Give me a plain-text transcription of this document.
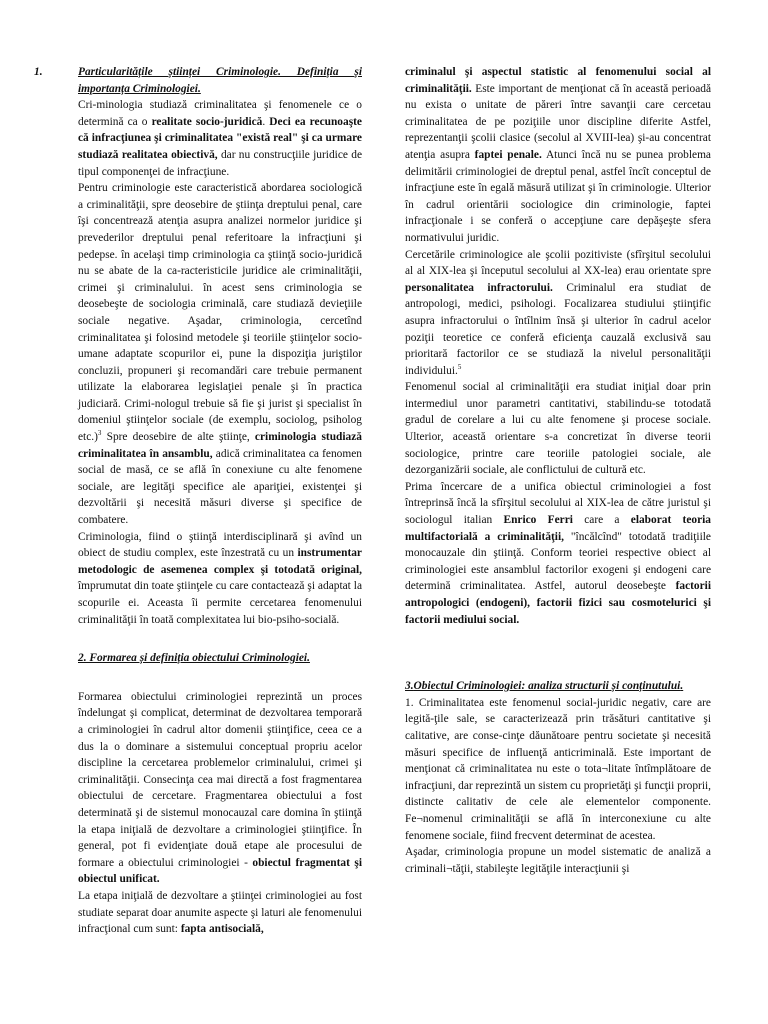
1.	Particularitățile științei Criminologie. Definiția și importanța Criminologiei.

Cri-minologia studiază criminalitatea şi fenomenele ce o determină ca o realitate socio-juridică. Deci ea recunoaşte că infracţiunea şi criminalitatea "există real" şi ca urmare studiază realitatea obiectivă, dar nu construcţiile juridice de tipul componenţei de infracţiune.

Pentru criminologie este caracteristică abordarea sociologică a criminalităţii, spre deosebire de ştiinţa dreptului penal, care îşi concentrează atenţia asupra analizei normelor juridice şi prevederilor dreptului penal referitoare la infracţiuni şi pedepse. în acelaşi timp criminologia ca ştiinţă socio-juridică nu se abate de la ca-racteristicile juridice ale criminalităţii, crimei şi criminalului. în acest sens criminologia se deosebeşte de sociologia criminală, care studiază devieţiile sociale negative. Aşadar, criminologia, cercetînd criminalitatea şi folosind metodele şi teoriile ştiinţelor socio-umane adaptate scopurilor ei, pune la dispoziţia juriştilor concluzii, propuneri şi recomandări care trebuie permanent utilizate la elaborarea legislaţiei penale şi în practica judiciară. Crimi-nologul trebuie să fie şi jurist şi specialist în domeniul ştiinţelor sociale (de exemplu, sociolog, psiholog etc.)$^3$ Spre deosebire de alte ştiinţe, criminologia studiază criminalitatea în ansamblu, adică criminalitatea ca fenomen social de masă, ce se află în conexiune cu alte fenomene sociale, are legităţi specifice ale apariţiei, existenţei şi dezvoltării şi necesită măsuri diverse şi specifice de combatere.

Criminologia, fiind o ştiinţă interdisciplinară şi avînd un obiect de studiu complex, este înzestrată cu un instrumentar metodologic de asemenea complex şi totodată original, împrumutat din toate ştiinţele cu care contactează şi adaptat la scopurile ei. Aceasta îi permite cercetarea fenomenului criminalităţii în toată complexitatea lui bio-psiho-socială.

2. Formarea și definiția obiectului Criminologiei.

Formarea obiectului criminologiei reprezintă un proces îndelungat şi complicat, determinat de dezvoltarea temporară a criminologiei în cadrul altor domenii ştiinţifice, ceea ce a dus la o dominare a sistemului conceptual propriu acelor discipline la cercetarea problemelor criminalului, crimei şi criminalităţii. Consecinţa cea mai directă a fost fragmentarea obiectului de cercetare. Fragmentarea obiectului a fost determinată şi de sistemul monocauzal care domina în ştiinţă la etapa iniţială de dezvoltare a criminologiei ştiinţifice. În general, pot fi evidenţiate două etape ale procesului de formare a obiectului criminologiei - obiectul fragmentat şi obiectul unificat.

La etapa iniţială de dezvoltare a ştiinţei criminologiei au fost studiate separat doar anumite aspecte şi laturi ale fenomenului infracţional cum sunt: fapta antisocială,

criminalul şi aspectul statistic al fenomenului social al criminalităţii. Este important de menţionat că în această perioadă nu exista o unitate de păreri între savanţii care cercetau criminalitatea de pe poziţiile unor discipline diferite Astfel, reprezentanţii şcolii clasice (secolul al XVIII-lea) şi-au concentrat atenţia asupra faptei penale. Atunci încă nu se punea problema delimitării criminologiei de dreptul penal, astfel încît conceptul de infracţiune este în egală măsură utilizat şi în criminologie. Ulterior în cadrul orientării sociologice din criminologie, faptei infracţionale i se conferă o accepţiune care depăşeşte sfera normativului juridic.

Cercetările criminologice ale şcolii pozitiviste (sfîrşitul secolului al al XIX-lea şi începutul secolului al XX-lea) erau orientate spre personalitatea infractorului. Criminalul era studiat de antropologi, medici, psihologi. Focalizarea studiului ştiinţific asupra infractorului o întîlnim însă şi ulterior în cadrul acelor poziţii teoretice ce conferă eficienţa cauzală exclusivă sau prioritară factorilor ce se studiază la nivelul personalităţii individului.$^5$

Fenomenul social al criminalităţii era studiat iniţial doar prin intermediul unor parametri cantitativi, stabilindu-se totodată gradul de corelare a lui cu alte fenomene şi procese sociale. Ulterior, această orientare s-a concretizat în diverse teorii sociologice, printre care teoriile patologiei sociale, ale dezorganizării sociale, ale conflictului de cultură etc.

Prima încercare de a unifica obiectul criminologiei a fost întreprinsă încă la sfîrşitul secolului al XIX-lea de către juristul şi sociologul italian Enrico Ferri care a elaborat teoria multifactorială a criminalităţii, "încălcînd" totodată tradiţiile monocauzale din ştiinţă. Conform teoriei respective obiect al criminologiei este ansamblul factorilor exogeni şi endogeni care determină criminalitatea. Astfel, autorul deosebeşte factorii antropologici (endogeni), factorii fizici sau cosmotelurici şi factorii mediului social.

3.Obiectul Criminologiei: analiza structurii și conținutului.

1. Criminalitatea este fenomenul social-juridic negativ, care are legită-ţile sale, se caracterizează prin trăsături cantitative şi calitative, are conse-cinţe dăunătoare pentru societate şi necesită măsuri specifice de influenţă anticriminală. Este important de menţionat că criminalitatea nu este o tota¬litate întîmplătoare de infracţiuni, dar reprezintă un sistem cu proprietăţi şi funcţii proprii, distincte calitativ de cele ale elementelor componente. Fe¬nomenul criminalităţii se află în interconexiune cu alte fenomene sociale, fiind frecvent determinat de acestea.

Aşadar, criminologia propune un model sistematic de analiză a criminali¬tăţii, stabileşte legităţile interacţiunii şi
